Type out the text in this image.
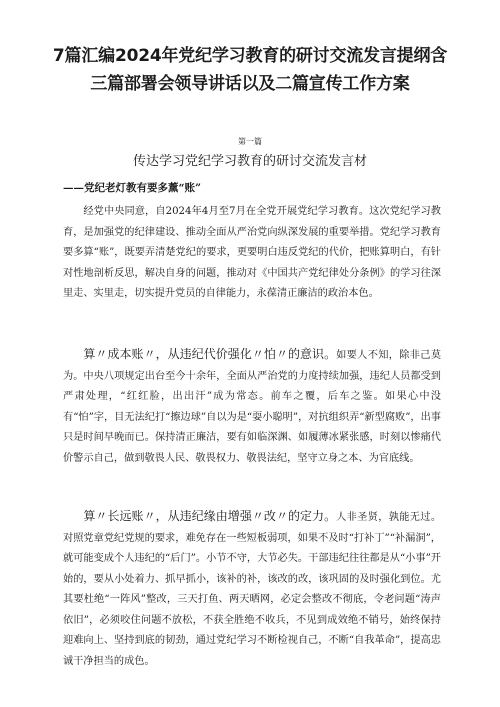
7篇汇编2024年党纪学习教育的研讨交流发言提纲含
三篇部署会领导讲话以及二篇宣传工作方案
第一篇
传达学习党纪学习教育的研讨交流发言材
——党纪老灯教有要多薰“账”
经党中央同意，自2024年4月至7月在全党开展党纪学习教育。这次党纪学习教育，是加强党的纪律建设、推动全面从严治党向纵深发展的重要举措。党纪学习教育要多算“账”，既要弄清楚党纪的要求，更要明白违反党纪的代价，把账算明白，有针对性地剖析反思，解决自身的问题，推动对《中国共产党纪律处分条例》的学习往深里走、实里走，切实提升党员的自律能力，永葆清正廉洁的政治本色。
算〃成本账〃，从违纪代价强化〃怕〃的意识。如要人不知，除非己莫为。中央八项规定出台至今十余年，全面从严治党的力度持续加强，违纪人员都受到严肃处理，“红红脸，出出汗”成为常态。前车之覆，后车之鉴。如果心中没有“怕”字，目无法纪打“擦边球”自以为是“耍小聪明”，对抗组织弄“新型腐败”，出事只是时间早晚而已。保持清正廉洁，要有如临深渊、如履薄冰紧张感，时刻以惨痛代价警示自己，做到敬畏人民、敬畏权力、敬畏法纪，坚守立身之本、为官底线。
算〃长远账〃，从违纪缘由增强〃改〃的定力。人非圣贤，孰能无过。对照党章党纪党规的要求，难免存在一些短板弱项，如果不及时“打补丁”“补漏洞”，就可能变成个人违纪的“后门”。小节不守，大节必失。干部违纪往往都是从“小事”开始的，要从小处着力、抓早抓小，该补的补，该改的改，该巩固的及时强化到位。尤其要杜绝“一阵风”整改，三天打鱼、两天晒网，必定会整改不彻底，令老问题“涛声依旧”，必须咬住问题不放松，不获全胜绝不收兵，不见到成效绝不销号，始终保持迎难向上、坚持到底的韧劲，通过党纪学习不断检视自己，不断“自我革命”，提高忠诚干净担当的成色。
